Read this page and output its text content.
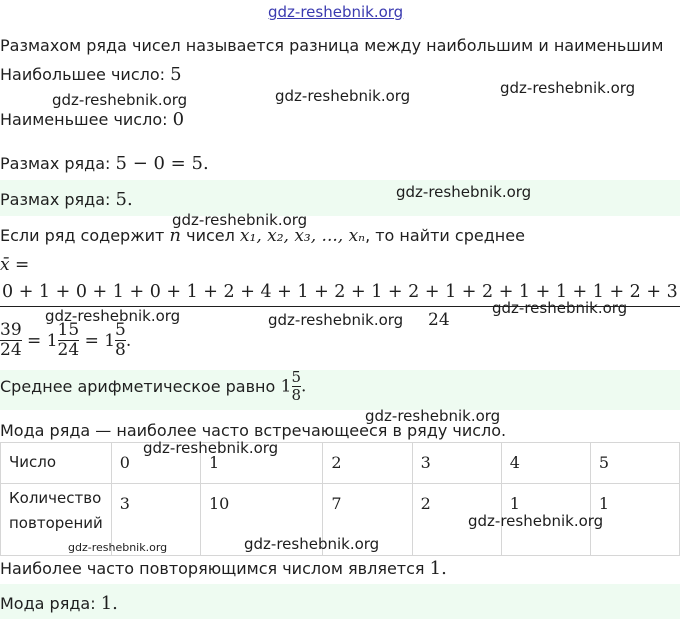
Размахом ряда чисел называется разница между наибольшим и наименьшим
Наибольшее число: 5
Наименьшее число: 0
Размах ряда: 5 − 0 = 5.
Размах ряда: 5.
Если ряд содержит n чисел x₁, x₂, x₃, ..., xₙ, то найти среднее
x̄ =
0 + 1 + 0 + 1 + 0 + 1 + 2 + 4 + 1 + 2 + 1 + 2 + 1 + 2 + 1 + 1 + 1 + 2 + 3
24
$\frac{39}{24} = 1 \frac{15}{24} = 1 \frac{5}{8}$ .
Среднее арифметическое равно $1 \frac{5}{8}$ .
Мода ряда — наиболее часто встречающееся в ряду число.
Число	0	1	2	3	4	5

Количество
повторений	3	10	7	2	1	1
Наиболее часто повторяющимся числом является 1.
Мода ряда: 1.
gdz-reshebnik.org
gdz-reshebnik.org	gdz-reshebnik.org	gdz-reshebnik.org
gdz-reshebnik.org
gdz-reshebnik.org
gdz-reshebnik.org	gdz-reshebnik.org
gdz-reshebnik.org
gdz-reshebnik.org
gdz-reshebnik.org
gdz-reshebnik.org
gdz-reshebnik.org
gdz-reshebnik.org
